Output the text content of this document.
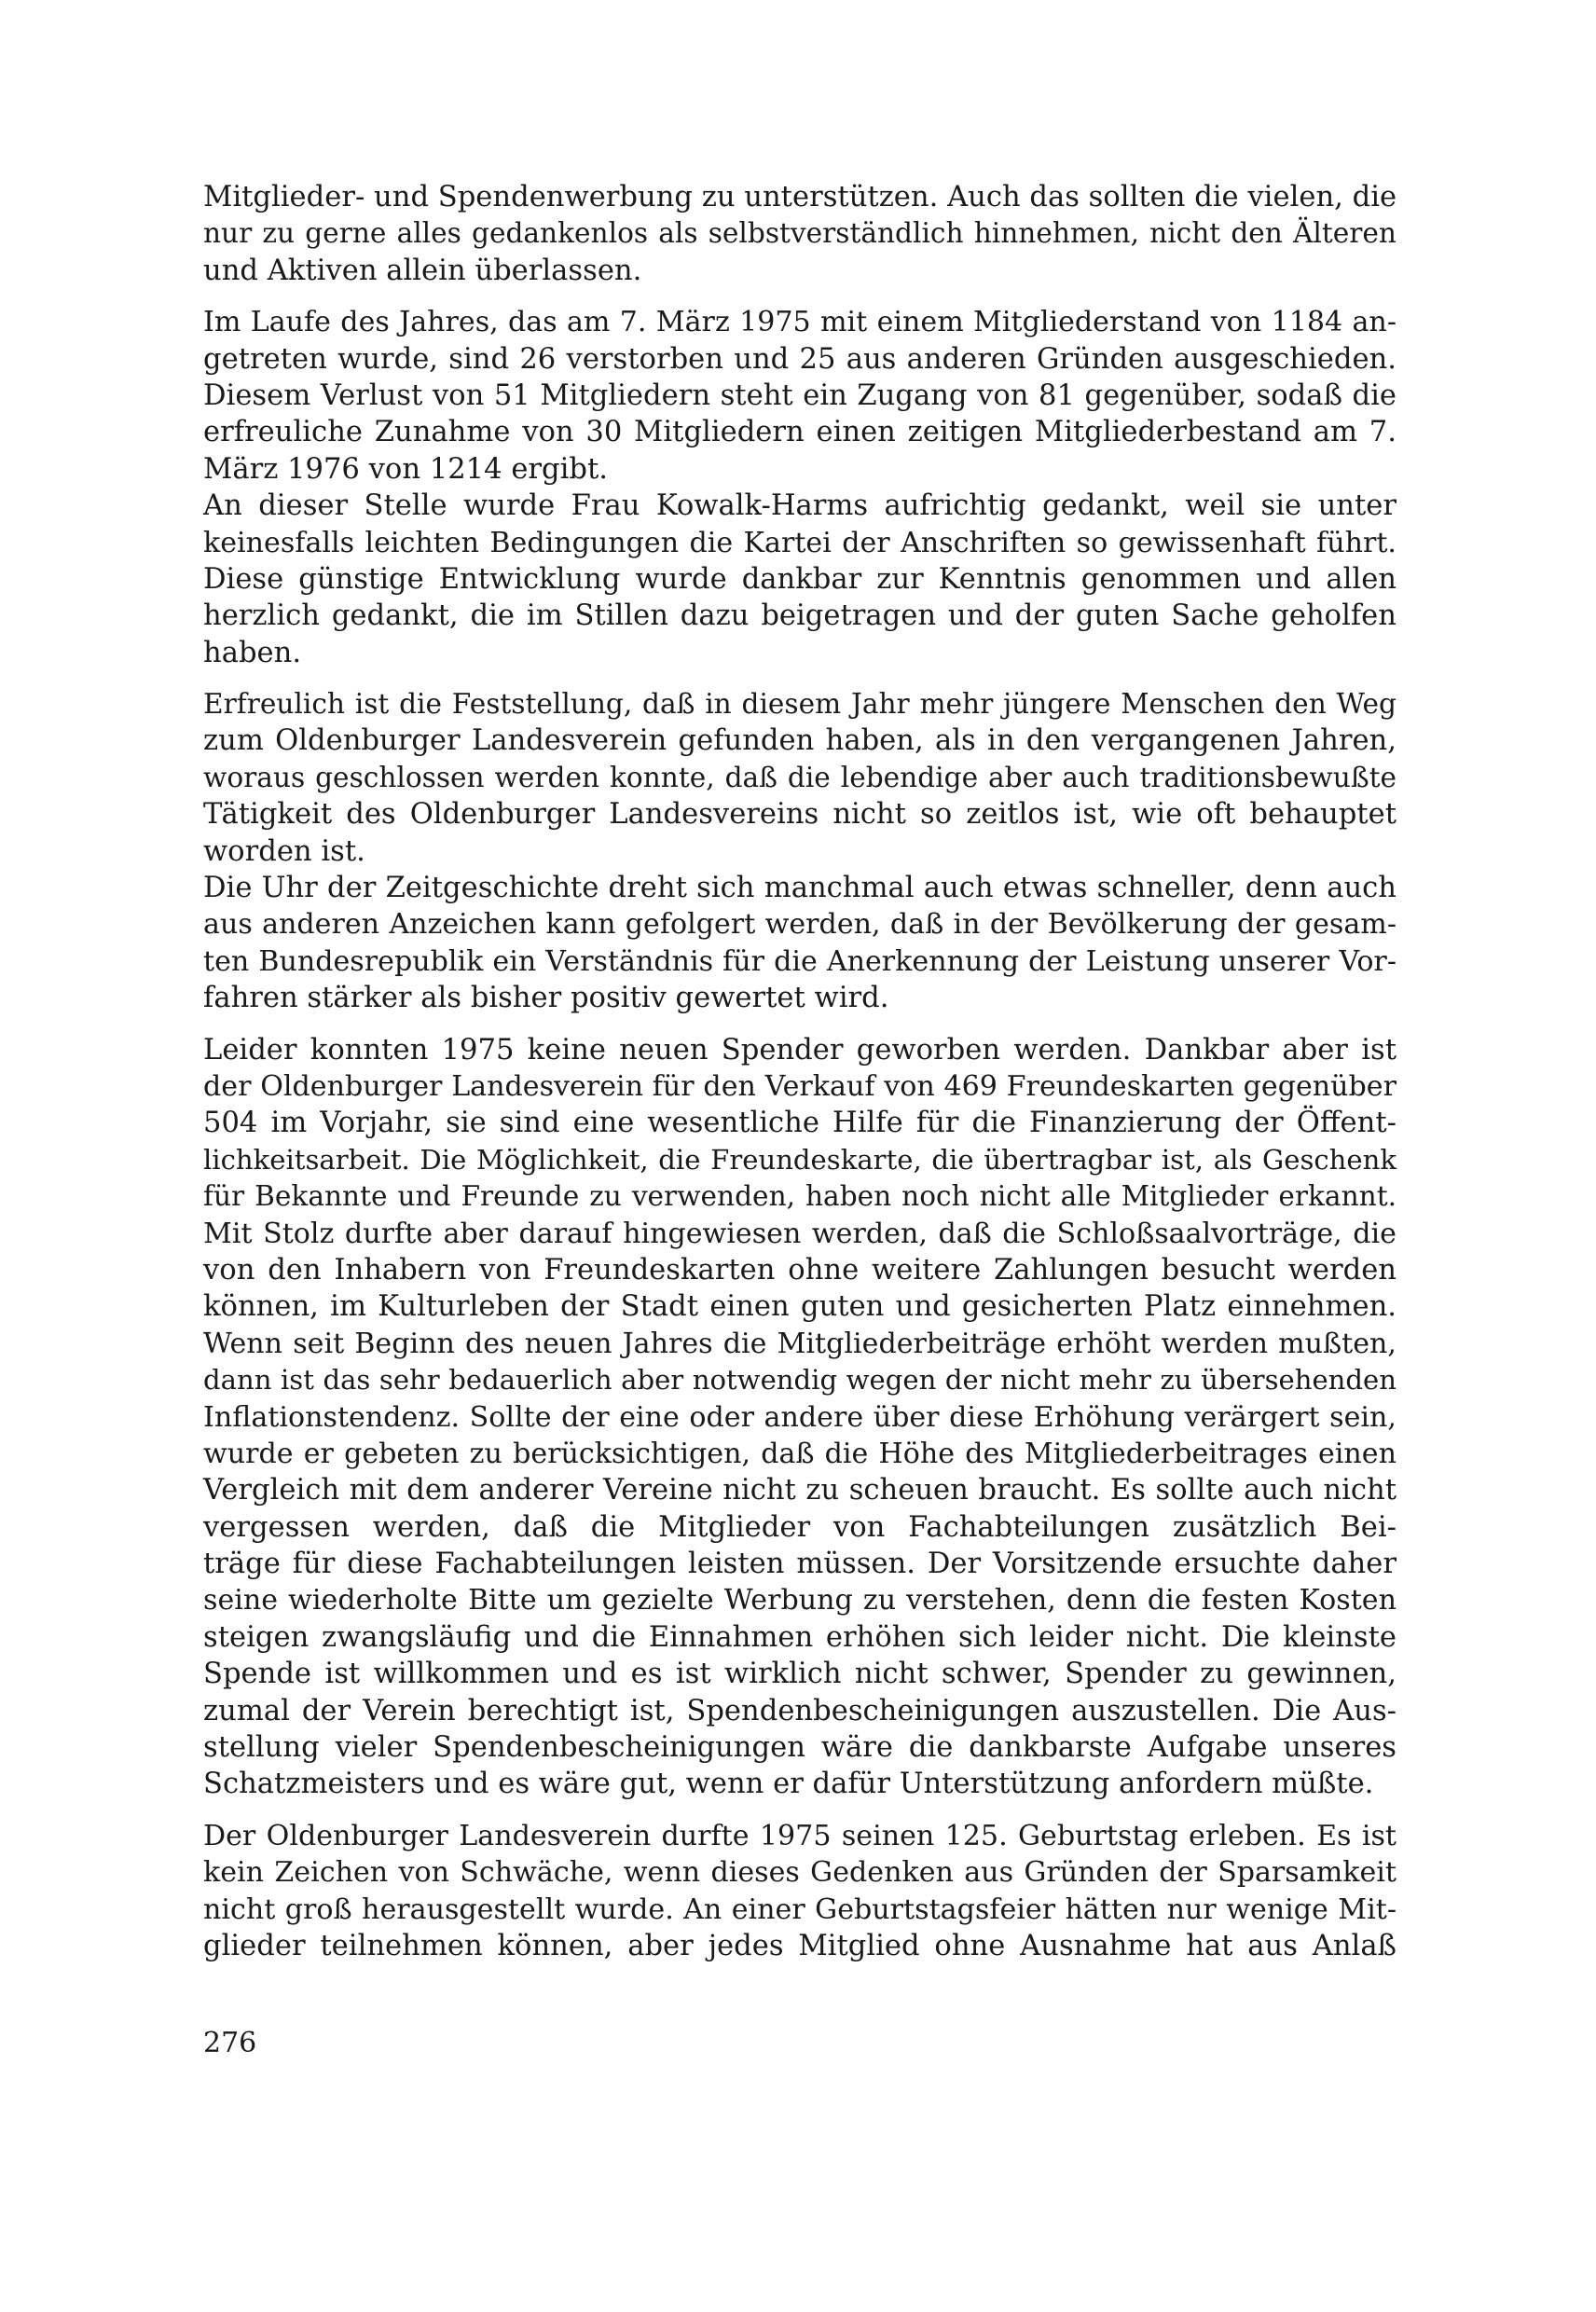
Mitglieder- und Spendenwerbung zu unterstützen. Auch das sollten die vielen, die
nur zu gerne alles gedankenlos als selbstverständlich hinnehmen, nicht den Älteren
und Aktiven allein überlassen.
Im Laufe des Jahres, das am 7. März 1975 mit einem Mitgliederstand von 1184 an-
getreten wurde, sind 26 verstorben und 25 aus anderen Gründen ausgeschieden.
Diesem Verlust von 51 Mitgliedern steht ein Zugang von 81 gegenüber, sodaß die
erfreuliche Zunahme von 30 Mitgliedern einen zeitigen Mitgliederbestand am 7.
März 1976 von 1214 ergibt.
An dieser Stelle wurde Frau Kowalk-Harms aufrichtig gedankt, weil sie unter
keinesfalls leichten Bedingungen die Kartei der Anschriften so gewissenhaft führt.
Diese günstige Entwicklung wurde dankbar zur Kenntnis genommen und allen
herzlich gedankt, die im Stillen dazu beigetragen und der guten Sache geholfen
haben.
Erfreulich ist die Feststellung, daß in diesem Jahr mehr jüngere Menschen den Weg
zum Oldenburger Landesverein gefunden haben, als in den vergangenen Jahren,
woraus geschlossen werden konnte, daß die lebendige aber auch traditionsbewußte
Tätigkeit des Oldenburger Landesvereins nicht so zeitlos ist, wie oft behauptet
worden ist.
Die Uhr der Zeitgeschichte dreht sich manchmal auch etwas schneller, denn auch
aus anderen Anzeichen kann gefolgert werden, daß in der Bevölkerung der gesam-
ten Bundesrepublik ein Verständnis für die Anerkennung der Leistung unserer Vor-
fahren stärker als bisher positiv gewertet wird.
Leider konnten 1975 keine neuen Spender geworben werden. Dankbar aber ist
der Oldenburger Landesverein für den Verkauf von 469 Freundeskarten gegenüber
504 im Vorjahr, sie sind eine wesentliche Hilfe für die Finanzierung der Öffent-
lichkeitsarbeit. Die Möglichkeit, die Freundeskarte, die übertragbar ist, als Geschenk
für Bekannte und Freunde zu verwenden, haben noch nicht alle Mitglieder erkannt.
Mit Stolz durfte aber darauf hingewiesen werden, daß die Schloßsaalvorträge, die
von den Inhabern von Freundeskarten ohne weitere Zahlungen besucht werden
können, im Kulturleben der Stadt einen guten und gesicherten Platz einnehmen.
Wenn seit Beginn des neuen Jahres die Mitgliederbeiträge erhöht werden mußten,
dann ist das sehr bedauerlich aber notwendig wegen der nicht mehr zu übersehenden
Inflationstendenz. Sollte der eine oder andere über diese Erhöhung verärgert sein,
wurde er gebeten zu berücksichtigen, daß die Höhe des Mitgliederbeitrages einen
Vergleich mit dem anderer Vereine nicht zu scheuen braucht. Es sollte auch nicht
vergessen werden, daß die Mitglieder von Fachabteilungen zusätzlich Bei-
träge für diese Fachabteilungen leisten müssen. Der Vorsitzende ersuchte daher
seine wiederholte Bitte um gezielte Werbung zu verstehen, denn die festen Kosten
steigen zwangsläufig und die Einnahmen erhöhen sich leider nicht. Die kleinste
Spende ist willkommen und es ist wirklich nicht schwer, Spender zu gewinnen,
zumal der Verein berechtigt ist, Spendenbescheinigungen auszustellen. Die Aus-
stellung vieler Spendenbescheinigungen wäre die dankbarste Aufgabe unseres
Schatzmeisters und es wäre gut, wenn er dafür Unterstützung anfordern müßte.
Der Oldenburger Landesverein durfte 1975 seinen 125. Geburtstag erleben. Es ist
kein Zeichen von Schwäche, wenn dieses Gedenken aus Gründen der Sparsamkeit
nicht groß herausgestellt wurde. An einer Geburtstagsfeier hätten nur wenige Mit-
glieder teilnehmen können, aber jedes Mitglied ohne Ausnahme hat aus Anlaß
276
